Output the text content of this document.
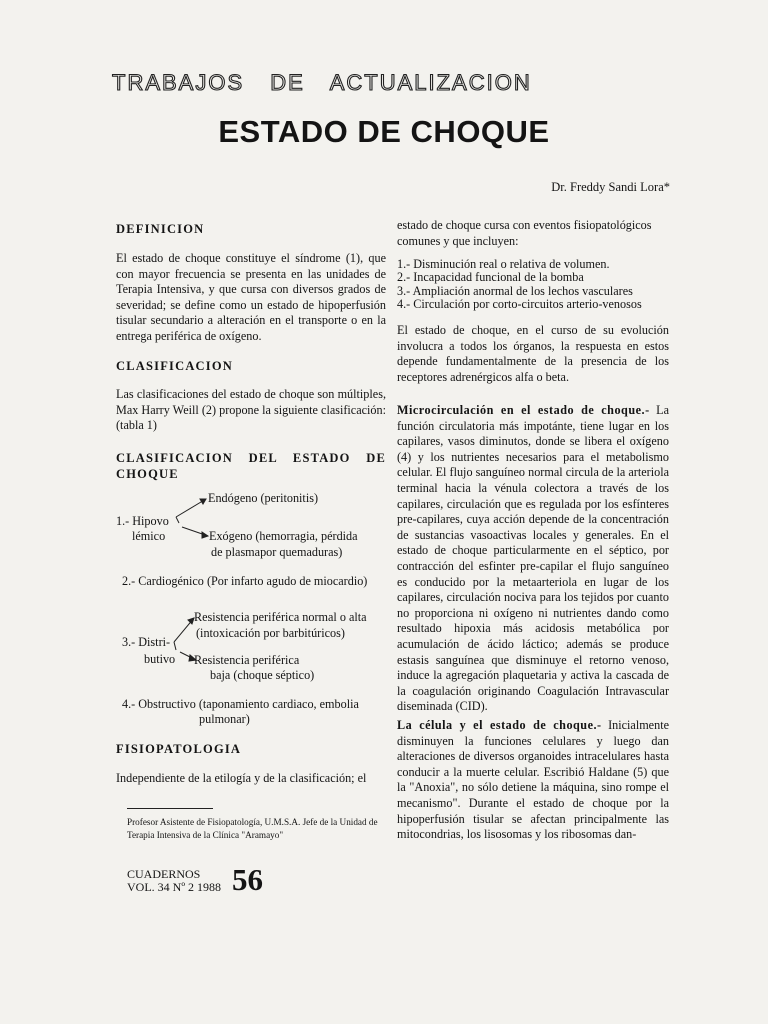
TRABAJOS DE ACTUALIZACION
ESTADO DE CHOQUE
Dr. Freddy Sandi Lora*

DEFINICION

El estado de choque constituye el síndrome (1), que con mayor frecuencia se presenta en las unidades de Terapia Intensiva, y que cursa con diversos grados de severidad; se define como un estado de hipoperfusión tisular secundario a alteración en el transporte o en la entrega periférica de oxígeno.

CLASIFICACION

Las clasificaciones del estado de choque son múltiples, Max Harry Weill (2) propone la siguiente clasificación: (tabla 1)

CLASIFICACION DEL ESTADO DE CHOQUE

1.- Hipovo
lémico
Endógeno (peritonitis)
Exógeno (hemorragia, pérdida
de plasmapor quemaduras)
2.- Cardiogénico (Por infarto agudo de miocardio)
Resistencia periférica normal o alta
(intoxicación por barbitúricos)
3.- Distri-
butivo Resistencia periférica
baja (choque séptico)
4.- Obstructivo (taponamiento cardiaco, embolia
pulmonar)

FISIOPATOLOGIA

Independiente de la etilogía y de la clasificación; el

estado de choque cursa con eventos fisiopatológicos comunes y que incluyen:

1.- Disminución real o relativa de volumen.
2.- Incapacidad funcional de la bomba
3.- Ampliación anormal de los lechos vasculares
4.- Circulación por corto-circuitos arterio-venosos

El estado de choque, en el curso de su evolución involucra a todos los órganos, la respuesta en estos depende fundamentalmente de la presencia de los receptores adrenérgicos alfa o beta.

Microcirculación en el estado de choque.- La función circulatoria más impotánte, tiene lugar en los capilares, vasos diminutos, donde se libera el oxígeno (4) y los nutrientes necesarios para el metabolismo celular. El flujo sanguíneo normal circula de la arteriola terminal hacia la vénula colectora a través de los capilares, circulación que es regulada por los esfínteres pre-capilares, cuya acción depende de la concentración de sustancias vasoactivas locales y generales. En el estado de choque particularmente en el séptico, por contracción del esfinter pre-capilar el flujo sanguíneo es conducido por la metaarteriola en lugar de los capilares, circulación nociva para los tejidos por cuanto no proporciona ni oxígeno ni nutrientes dando como resultado hipoxia más acidosis metabólica por acumulación de ácido láctico; además se produce estasis sanguínea que disminuye el retorno venoso, induce la agregación plaquetaria y activa la cascada de la coagulación originando Coagulación Intravascular diseminada (CID).

La célula y el estado de choque.- Inicialmente disminuyen la funciones celulares y luego dan alteraciones de diversos organoides intracelulares hasta conducir a la muerte celular. Escribió Haldane (5) que la "Anoxia", no sólo detiene la máquina, sino rompe el mecanismo". Durante el estado de choque por la hipoperfusión tisular se afectan principalmente las mitocondrias, los lisosomas y los ribosomas dan-

Profesor Asistente de Fisiopatología, U.M.S.A. Jefe de la Unidad de Terapia Intensiva de la Clínica "Aramayo"

CUADERNOS
VOL. 34 Nº 2 1988 56
